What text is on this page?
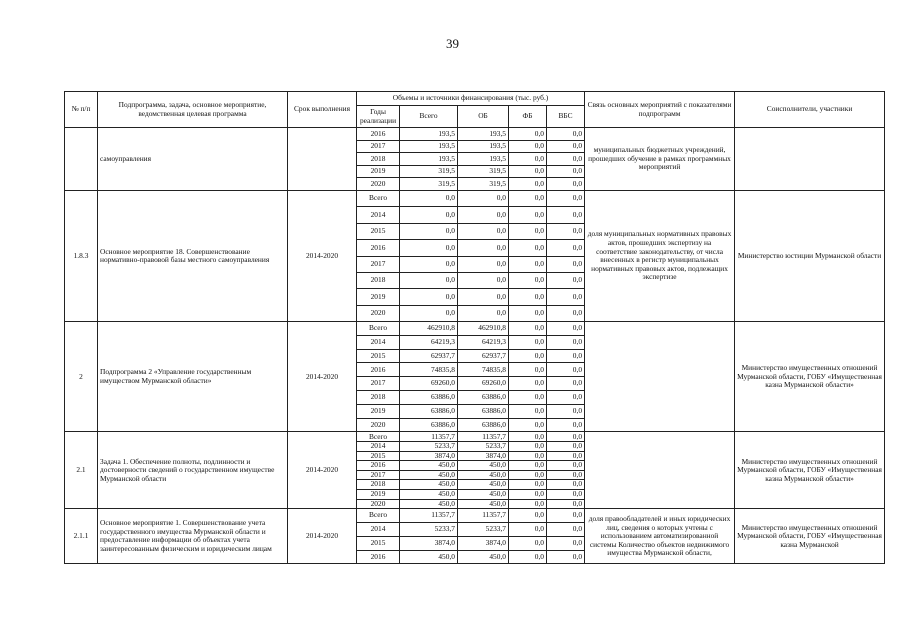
39
№ п/п	Подпрограмма, задача, основное мероприятие, ведомственная целевая программа	Срок выполнения	Объемы и источники финансирования (тыс. руб.)					Связь основных мероприятий с показателями подпрограмм	Соисполнители, участники
			Годы реализации	Всего	ОБ	ФБ	ВБС		
	самоуправления		2016	193,5	193,5	0,0	0,0	муниципальных бюджетных учреждений, прошедших обучение в рамках программных мероприятий	
			2017	193,5	193,5	0,0	0,0		
			2018	193,5	193,5	0,0	0,0		
			2019	319,5	319,5	0,0	0,0		
			2020	319,5	319,5	0,0	0,0		
1.8.3	Основное мероприятие 18. Совершенствование нормативно-правовой базы местного самоуправления	2014-2020	Всего	0,0	0,0	0,0	0,0	доля муниципальных нормативных правовых актов, прошедших экспертизу на соответствие законодательству, от числа внесенных в регистр муниципальных нормативных правовых актов, подлежащих экспертизе	Министерство юстиции Мурманской области
			2014	0,0	0,0	0,0	0,0		
			2015	0,0	0,0	0,0	0,0		
			2016	0,0	0,0	0,0	0,0		
			2017	0,0	0,0	0,0	0,0		
			2018	0,0	0,0	0,0	0,0		
			2019	0,0	0,0	0,0	0,0		
			2020	0,0	0,0	0,0	0,0		
2	Подпрограмма 2 «Управление государственным имуществом Мурманской области»	2014-2020	Всего	462910,8	462910,8	0,0	0,0		Министерство имущественных отношений Мурманской области, ГОБУ «Имущественная казна Мурманской области»
			2014	64219,3	64219,3	0,0	0,0		
			2015	62937,7	62937,7	0,0	0,0		
			2016	74835,8	74835,8	0,0	0,0		
			2017	69260,0	69260,0	0,0	0,0		
			2018	63886,0	63886,0	0,0	0,0		
			2019	63886,0	63886,0	0,0	0,0		
			2020	63886,0	63886,0	0,0	0,0		
2.1	Задача 1. Обеспечение полноты, подлинности и достоверности сведений о государственном имуществе Мурманской области	2014-2020	Всего	11357,7	11357,7	0,0	0,0		Министерство имущественных отношений Мурманской области, ГОБУ «Имущественная казна Мурманской области»
			2014	5233,7	5233,7	0,0	0,0		
			2015	3874,0	3874,0	0,0	0,0		
			2016	450,0	450,0	0,0	0,0		
			2017	450,0	450,0	0,0	0,0		
			2018	450,0	450,0	0,0	0,0		
			2019	450,0	450,0	0,0	0,0		
			2020	450,0	450,0	0,0	0,0		
2.1.1	Основное мероприятие 1. Совершенствование учета государственного имущества Мурманской области и предоставление информации об объектах учета заинтересованным физическим и юридическим лицам	2014-2020	Всего	11357,7	11357,7	0,0	0,0	доля правообладателей и иных юридических лиц, сведения о которых учтены с использованием автоматизированной системы Количество объектов недвижимого имущества Мурманской области,	Министерство имущественных отношений Мурманской области, ГОБУ «Имущественная казна Мурманской
			2014	5233,7	5233,7	0,0	0,0		
			2015	3874,0	3874,0	0,0	0,0		
			2016	450,0	450,0	0,0	0,0		
